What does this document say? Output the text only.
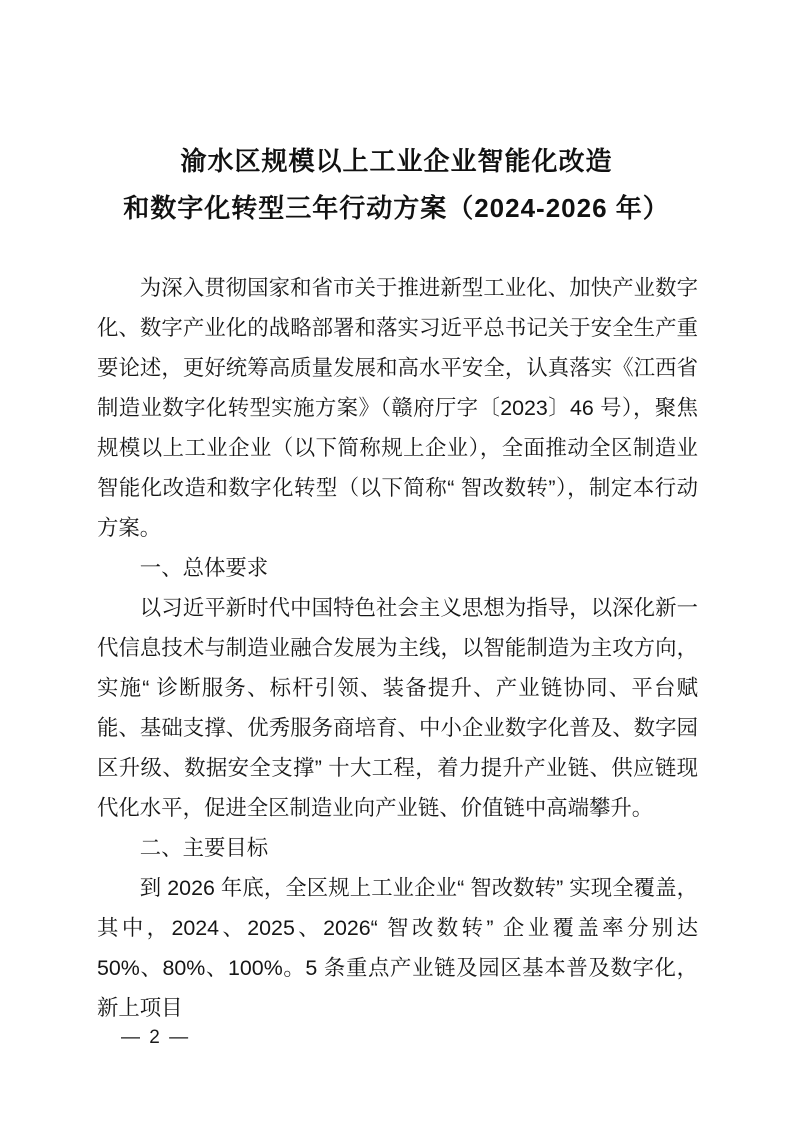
渝水区规模以上工业企业智能化改造
和数字化转型三年行动方案（2024-2026 年）

为深入贯彻国家和省市关于推进新型工业化、加快产业数字化、数字产业化的战略部署和落实习近平总书记关于安全生产重要论述，更好统筹高质量发展和高水平安全，认真落实《江西省制造业数字化转型实施方案》（赣府厅字〔2023〕46 号），聚焦规模以上工业企业（以下简称规上企业），全面推动全区制造业智能化改造和数字化转型（以下简称“ 智改数转”），制定本行动方案。

一、总体要求

以习近平新时代中国特色社会主义思想为指导，以深化新一代信息技术与制造业融合发展为主线，以智能制造为主攻方向，实施“ 诊断服务、标杆引领、装备提升、产业链协同、平台赋能、基础支撑、优秀服务商培育、中小企业数字化普及、数字园区升级、数据安全支撑” 十大工程，着力提升产业链、供应链现代化水平，促进全区制造业向产业链、价值链中高端攀升。

二、主要目标

到 2026 年底，全区规上工业企业“ 智改数转” 实现全覆盖，其中，2024、2025、2026“ 智改数转” 企业覆盖率分别达 50%、80%、100%。5 条重点产业链及园区基本普及数字化，新上项目

— 2 —
